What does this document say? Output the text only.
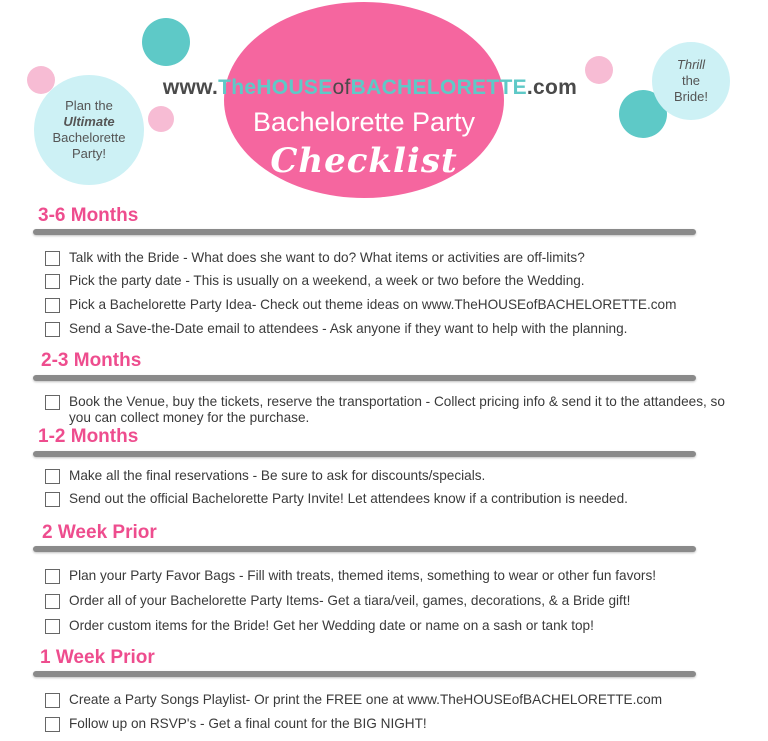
Plan the
Ultimate
Bachelorette
Party!
Thrill
the
Bride!
www.TheHOUSEofBACHELORETTE.com
Bachelorette Party
Checklist
3-6 Months
Talk with the Bride - What does she want to do? What items or activities are off-limits?
Pick the party date - This is usually on a weekend, a week or two before the Wedding.
Pick a Bachelorette Party Idea- Check out theme ideas on www.TheHOUSEofBACHELORETTE.com
Send a Save-the-Date email to attendees - Ask anyone if they want to help with the planning.
2-3 Months
Book the Venue, buy the tickets, reserve the transportation - Collect pricing info & send it to the attandees, so you can collect money for the purchase.
1-2 Months
Make all the final reservations - Be sure to ask for discounts/specials.
Send out the official Bachelorette Party Invite! Let attendees know if a contribution is needed.
2 Week Prior
Plan your Party Favor Bags - Fill with treats, themed items, something to wear or other fun favors!
Order all of your Bachelorette Party Items- Get a tiara/veil, games, decorations, & a Bride gift!
Order custom items for the Bride! Get her Wedding date or name on a sash or tank top!
1 Week Prior
Create a Party Songs Playlist- Or print the FREE one at www.TheHOUSEofBACHELORETTE.com
Follow up on RSVP's - Get a final count for the BIG NIGHT!
